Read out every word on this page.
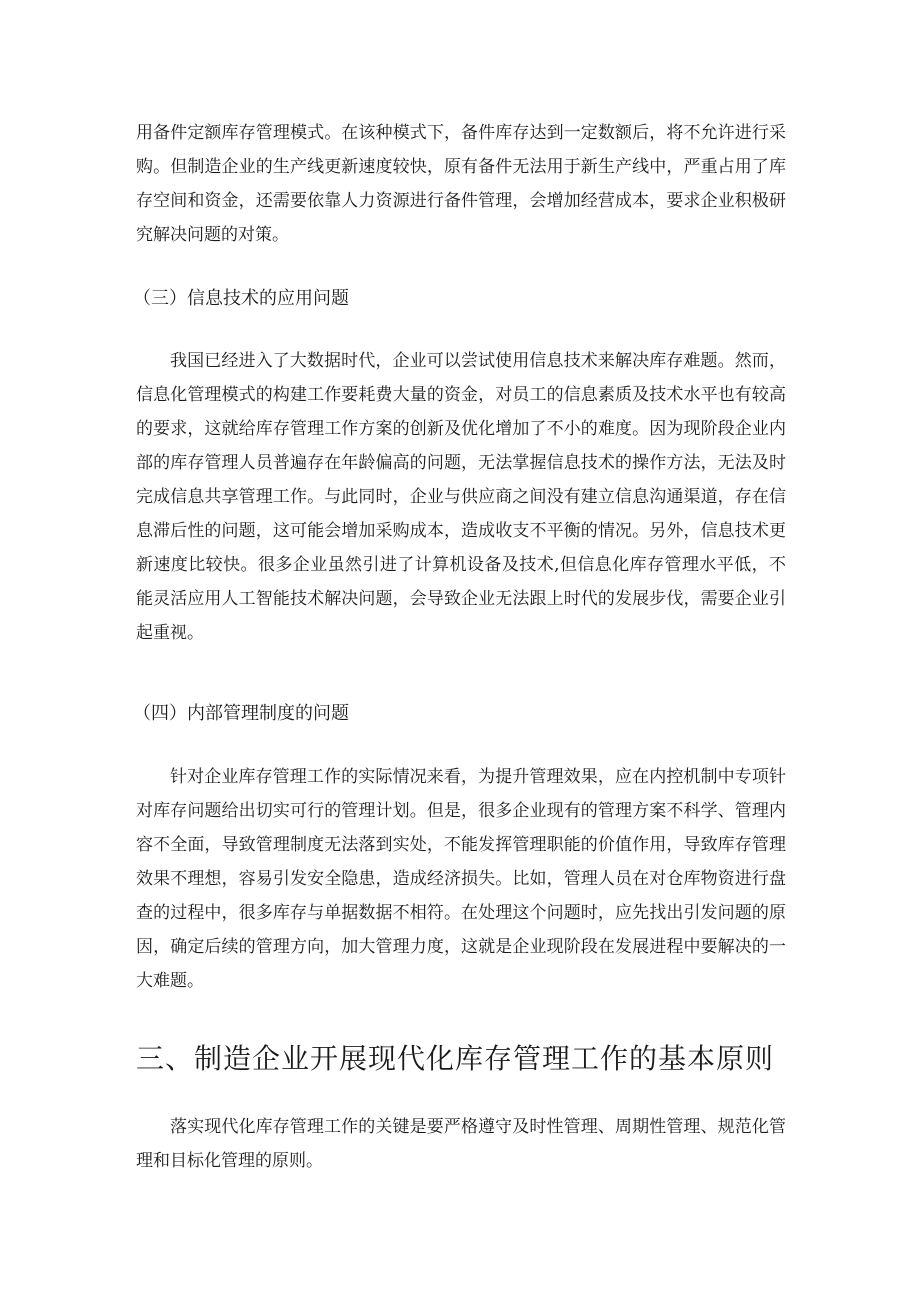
用备件定额库存管理模式。在该种模式下，备件库存达到一定数额后，将不允许进行采购。但制造企业的生产线更新速度较快，原有备件无法用于新生产线中，严重占用了库存空间和资金，还需要依靠人力资源进行备件管理，会增加经营成本，要求企业积极研究解决问题的对策。

（三）信息技术的应用问题

我国已经进入了大数据时代，企业可以尝试使用信息技术来解决库存难题。然而，信息化管理模式的构建工作要耗费大量的资金，对员工的信息素质及技术水平也有较高的要求，这就给库存管理工作方案的创新及优化增加了不小的难度。因为现阶段企业内部的库存管理人员普遍存在年龄偏高的问题，无法掌握信息技术的操作方法，无法及时完成信息共享管理工作。与此同时，企业与供应商之间没有建立信息沟通渠道，存在信息滞后性的问题，这可能会增加采购成本，造成收支不平衡的情况。另外，信息技术更新速度比较快。很多企业虽然引进了计算机设备及技术,但信息化库存管理水平低，不能灵活应用人工智能技术解决问题，会导致企业无法跟上时代的发展步伐，需要企业引起重视。

（四）内部管理制度的问题

针对企业库存管理工作的实际情况来看，为提升管理效果，应在内控机制中专项针对库存问题给出切实可行的管理计划。但是，很多企业现有的管理方案不科学、管理内容不全面，导致管理制度无法落到实处，不能发挥管理职能的价值作用，导致库存管理效果不理想，容易引发安全隐患，造成经济损失。比如，管理人员在对仓库物资进行盘查的过程中，很多库存与单据数据不相符。在处理这个问题时，应先找出引发问题的原因，确定后续的管理方向，加大管理力度，这就是企业现阶段在发展进程中要解决的一大难题。

三、制造企业开展现代化库存管理工作的基本原则

落实现代化库存管理工作的关键是要严格遵守及时性管理、周期性管理、规范化管理和目标化管理的原则。
